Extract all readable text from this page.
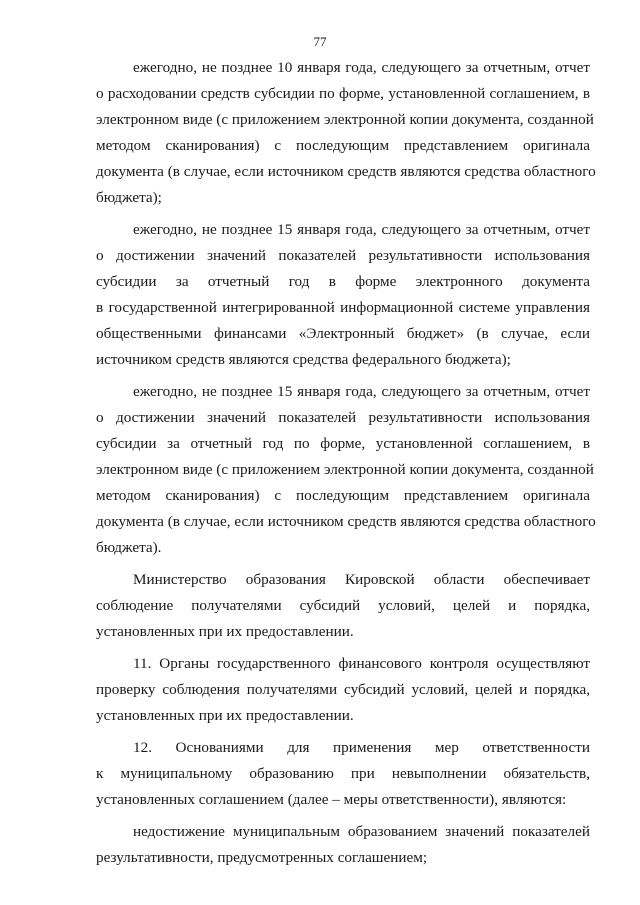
77

ежегодно, не позднее 10 января года, следующего за отчетным, отчет
о расходовании средств субсидии по форме, установленной соглашением, в
электронном виде (с приложением электронной копии документа, созданной
методом сканирования) с последующим представлением оригинала
документа (в случае, если источником средств являются средства областного
бюджета);

ежегодно, не позднее 15 января года, следующего за отчетным, отчет
о достижении значений показателей результативности использования
субсидии за отчетный год в форме электронного документа
в государственной интегрированной информационной системе управления
общественными финансами «Электронный бюджет» (в случае, если
источником средств являются средства федерального бюджета);

ежегодно, не позднее 15 января года, следующего за отчетным, отчет
о достижении значений показателей результативности использования
субсидии за отчетный год по форме, установленной соглашением, в
электронном виде (с приложением электронной копии документа, созданной
методом сканирования) с последующим представлением оригинала
документа (в случае, если источником средств являются средства областного
бюджета).

Министерство образования Кировской области обеспечивает
соблюдение получателями субсидий условий, целей и порядка,
установленных при их предоставлении.

11. Органы государственного финансового контроля осуществляют
проверку соблюдения получателями субсидий условий, целей и порядка,
установленных при их предоставлении.

12. Основаниями для применения мер ответственности
к муниципальному образованию при невыполнении обязательств,
установленных соглашением (далее – меры ответственности), являются:

недостижение муниципальным образованием значений показателей
результативности, предусмотренных соглашением;
